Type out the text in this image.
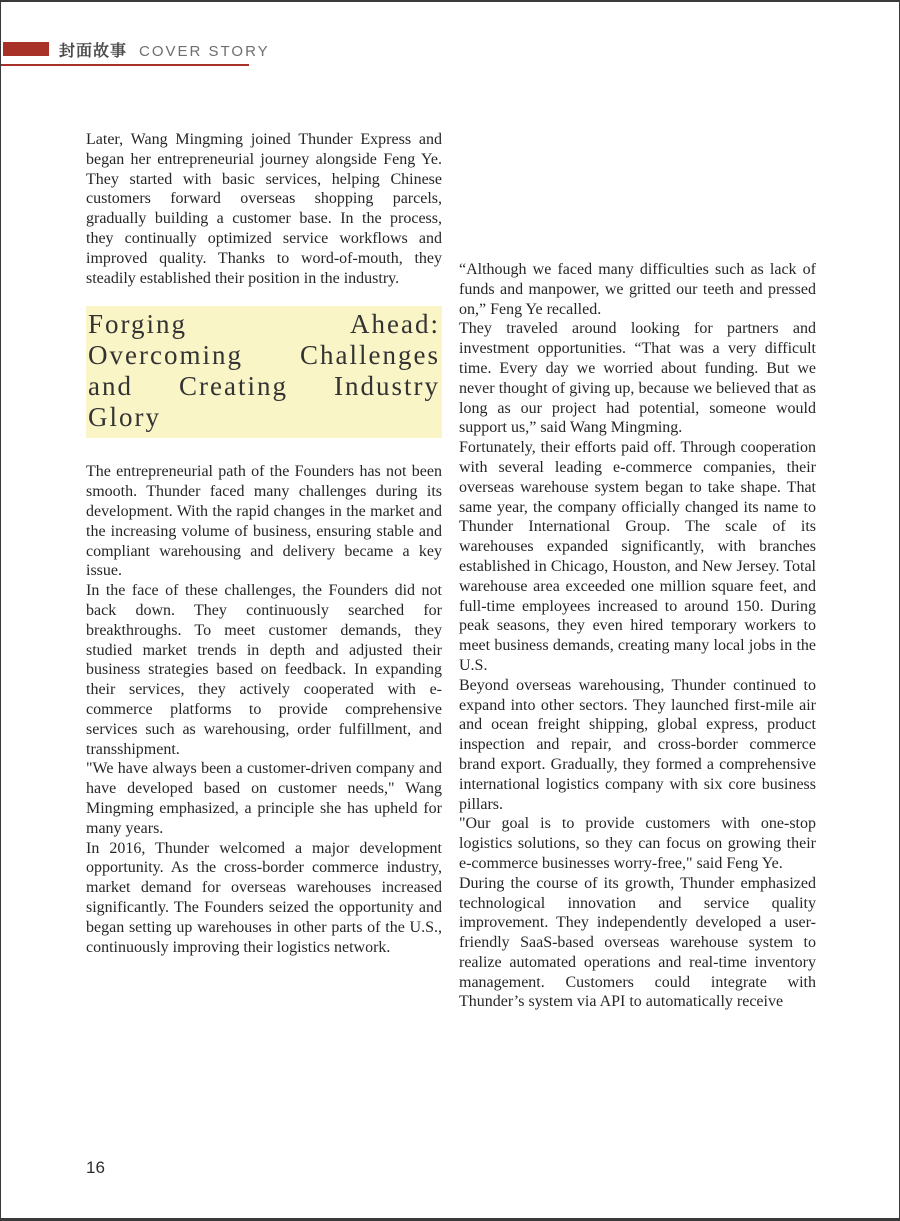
封面故事 COVER STORY

Later, Wang Mingming joined Thunder Express and began her entrepreneurial journey alongside Feng Ye. They started with basic services, helping Chinese customers forward overseas shopping parcels, gradually building a customer base. In the process, they continually optimized service workflows and improved quality. Thanks to word-of-mouth, they steadily established their position in the industry.

Forging Ahead: Overcoming Challenges and Creating Industry Glory

The entrepreneurial path of the Founders has not been smooth. Thunder faced many challenges during its development. With the rapid changes in the market and the increasing volume of business, ensuring stable and compliant warehousing and delivery became a key issue.

In the face of these challenges, the Founders did not back down. They continuously searched for breakthroughs. To meet customer demands, they studied market trends in depth and adjusted their business strategies based on feedback. In expanding their services, they actively cooperated with e-commerce platforms to provide comprehensive services such as warehousing, order fulfillment, and transshipment.

"We have always been a customer-driven company and have developed based on customer needs," Wang Mingming emphasized, a principle she has upheld for many years.

In 2016, Thunder welcomed a major development opportunity. As the cross-border commerce industry, market demand for overseas warehouses increased significantly. The Founders seized the opportunity and began setting up warehouses in other parts of the U.S., continuously improving their logistics network.

“Although we faced many difficulties such as lack of funds and manpower, we gritted our teeth and pressed on,” Feng Ye recalled.

They traveled around looking for partners and investment opportunities. “That was a very difficult time. Every day we worried about funding. But we never thought of giving up, because we believed that as long as our project had potential, someone would support us,” said Wang Mingming.

Fortunately, their efforts paid off. Through cooperation with several leading e-commerce companies, their overseas warehouse system began to take shape. That same year, the company officially changed its name to Thunder International Group. The scale of its warehouses expanded significantly, with branches established in Chicago, Houston, and New Jersey. Total warehouse area exceeded one million square feet, and full-time employees increased to around 150. During peak seasons, they even hired temporary workers to meet business demands, creating many local jobs in the U.S.

Beyond overseas warehousing, Thunder continued to expand into other sectors. They launched first-mile air and ocean freight shipping, global express, product inspection and repair, and cross-border commerce brand export. Gradually, they formed a comprehensive international logistics company with six core business pillars.

"Our goal is to provide customers with one-stop logistics solutions, so they can focus on growing their e-commerce businesses worry-free," said Feng Ye.

During the course of its growth, Thunder emphasized technological innovation and service quality improvement. They independently developed a user-friendly SaaS-based overseas warehouse system to realize automated operations and real-time inventory management. Customers could integrate with Thunder’s system via API to automatically receive

16
